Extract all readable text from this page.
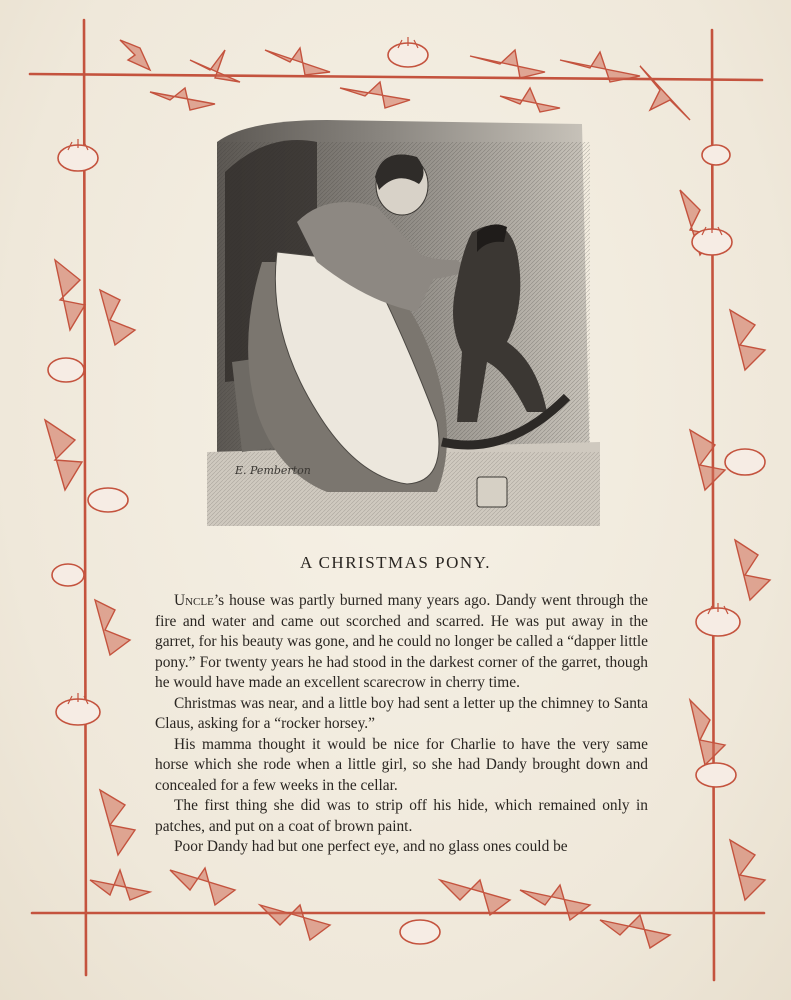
E. Pemberton
A CHRISTMAS PONY.

Uncle’s house was partly burned many years ago. Dandy went through the fire and water and came out scorched and scarred. He was put away in the garret, for his beauty was gone, and he could no longer be called a “dapper little pony.” For twenty years he had stood in the darkest corner of the garret, though he would have made an excellent scarecrow in cherry time.

Christmas was near, and a little boy had sent a letter up the chimney to Santa Claus, asking for a “rocker horsey.”

His mamma thought it would be nice for Charlie to have the very same horse which she rode when a little girl, so she had Dandy brought down and concealed for a few weeks in the cellar.

The first thing she did was to strip off his hide, which remained only in patches, and put on a coat of brown paint.

Poor Dandy had but one perfect eye, and no glass ones could be
